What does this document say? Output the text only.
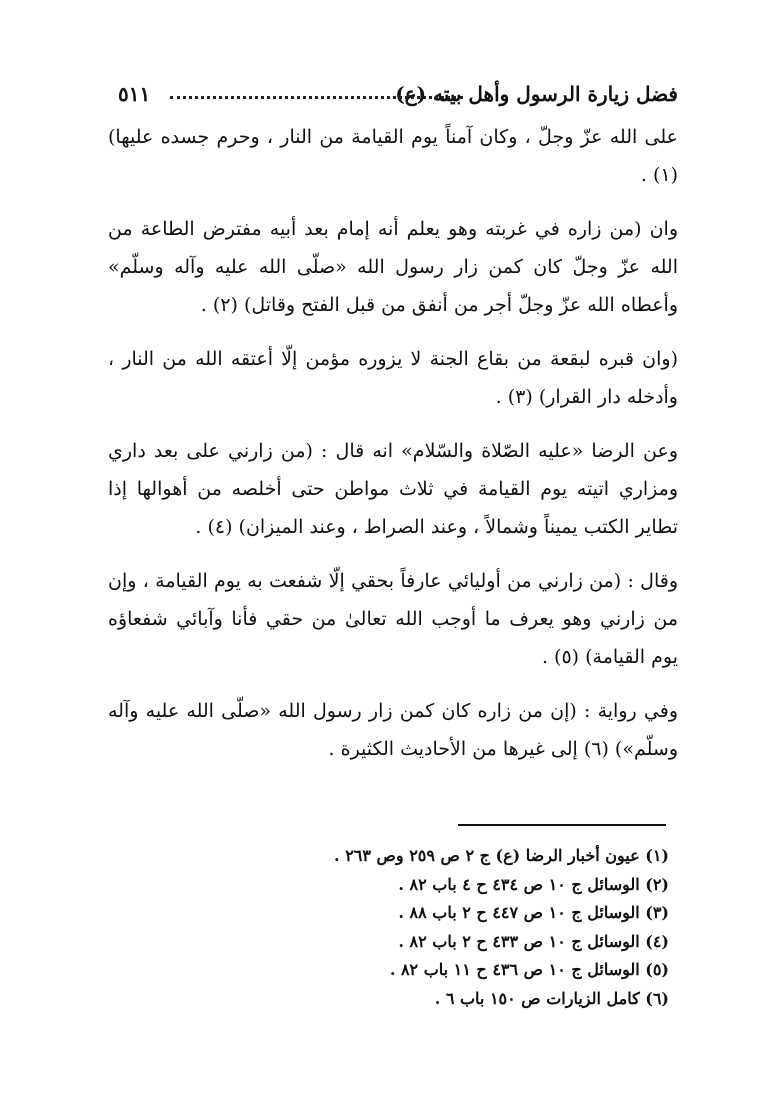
فضل زيارة الرسول وأهل بيته (ع)
٥١١

على الله عزّ وجلّ ، وكان آمناً يوم القيامة من النار ، وحرم جسده عليها) (١) .

وان (من زاره في غربته وهو يعلم أنه إمام بعد أبيه مفترض الطاعة من الله عزّ وجلّ كان كمن زار رسول الله «صلّى الله عليه وآله وسلّم» وأعطاه الله عزّ وجلّ أجر من أنفق من قبل الفتح وقاتل) (٢) .

(وان قبره لبقعة من بقاع الجنة لا يزوره مؤمن إلّا أعتقه الله من النار ، وأدخله دار القرار) (٣) .

وعن الرضا «عليه الصّلاة والسّلام» انه قال : (من زارني على بعد داري ومزاري اتيته يوم القيامة في ثلاث مواطن حتى أخلصه من أهوالها إذا تطاير الكتب يميناً وشمالاً ، وعند الصراط ، وعند الميزان) (٤) .

وقال : (من زارني من أوليائي عارفاً بحقي إلّا شفعت به يوم القيامة ، وإن من زارني وهو يعرف ما أوجب الله تعالىٰ من حقي فأنا وآبائي شفعاؤه يوم القيامة) (٥) .

وفي رواية : (إن من زاره كان كمن زار رسول الله «صلّى الله عليه وآله وسلّم») (٦) إلى غيرها من الأحاديث الكثيرة .

(١) عيون أخبار الرضا (ع) ج ٢ ص ٢٥٩ وص ٢٦٣ .
(٢) الوسائل ج ١٠ ص ٤٣٤ ح ٤ باب ٨٢ .
(٣) الوسائل ج ١٠ ص ٤٤٧ ح ٢ باب ٨٨ .
(٤) الوسائل ج ١٠ ص ٤٣٣ ح ٢ باب ٨٢ .
(٥) الوسائل ج ١٠ ص ٤٣٦ ح ١١ باب ٨٢ .
(٦) كامل الزيارات ص ١٥٠ باب ٦ .
